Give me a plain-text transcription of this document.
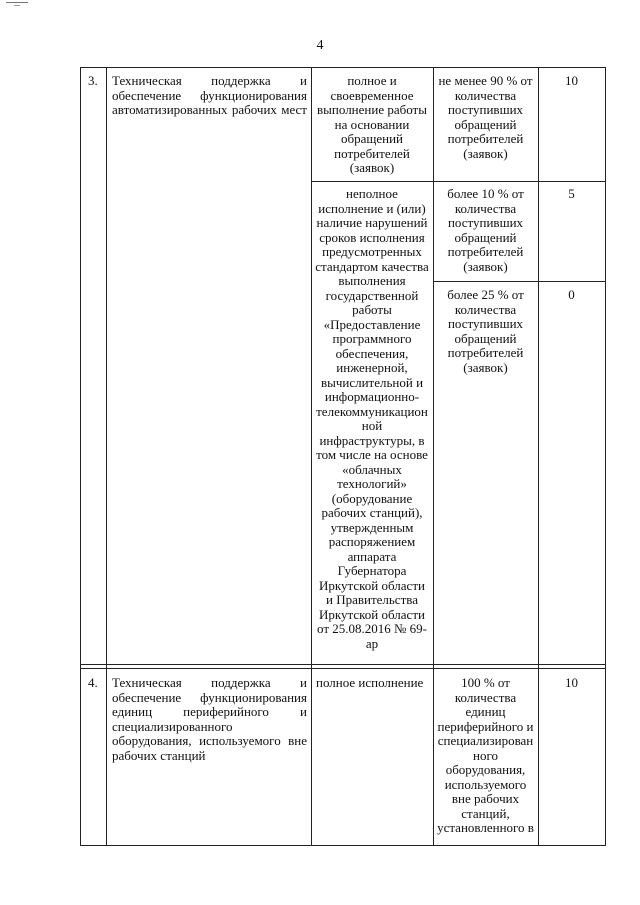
4
3. Техническая поддержка и
обеспечение функционирования
автоматизированных рабочих мест
полное и
своевременное
выполнение работы
на основании
обращений
потребителей
(заявок)
не менее 90 % от
количества
поступивших
обращений
потребителей
(заявок)
10
неполное
исполнение и (или)
наличие нарушений
сроков исполнения
предусмотренных
стандартом качества
выполнения
государственной
работы
«Предоставление
программного
обеспечения,
инженерной,
вычислительной и
информационно-
телекоммуникацион
ной
инфраструктуры, в
том числе на основе
«облачных
технологий»
(оборудование
рабочих станций),
утвержденным
распоряжением
аппарата
Губернатора
Иркутской области
и Правительства
Иркутской области
от 25.08.2016 № 69-
ар
более 10 % от
количества
поступивших
обращений
потребителей
(заявок)
5
более 25 % от
количества
поступивших
обращений
потребителей
(заявок)
0
4. Техническая поддержка и
обеспечение функционирования
единиц периферийного и
специализированного
оборудования, используемого вне
рабочих станций
полное исполнение	100 % от
количества
единиц
периферийного и
специализирован
ного
оборудования,
используемого
вне рабочих
станций,
установленного в
10
